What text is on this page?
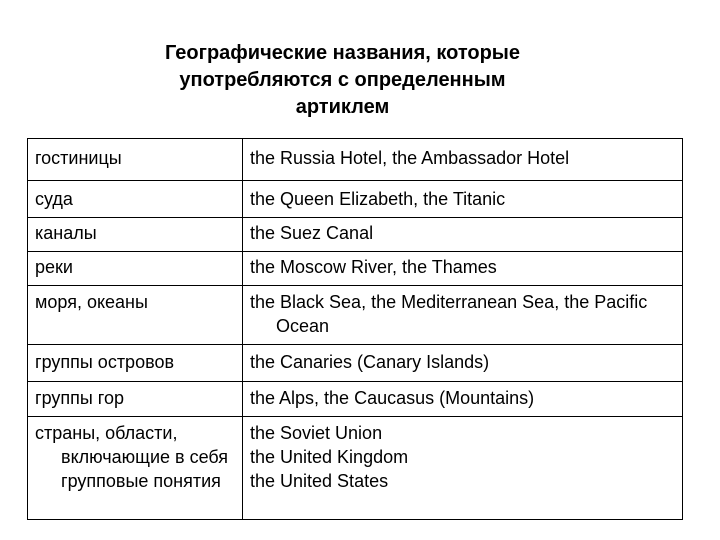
Географические названия, которые
употребляются с определенным
артиклем
гостиницы	the Russia Hotel, the Ambassador Hotel
суда	the Queen Elizabeth, the Titanic
каналы	the Suez Canal
реки	the Moscow River, the Thames
моря, океаны	the Black Sea, the Mediterranean Sea, the Pacific Ocean

группы островов	the Canaries (Canary Islands)
группы гор	the Alps, the Caucasus (Mountains)

страны, области, включающие в себя групповые понятия	the Soviet Union
the United Kingdom
the United States
